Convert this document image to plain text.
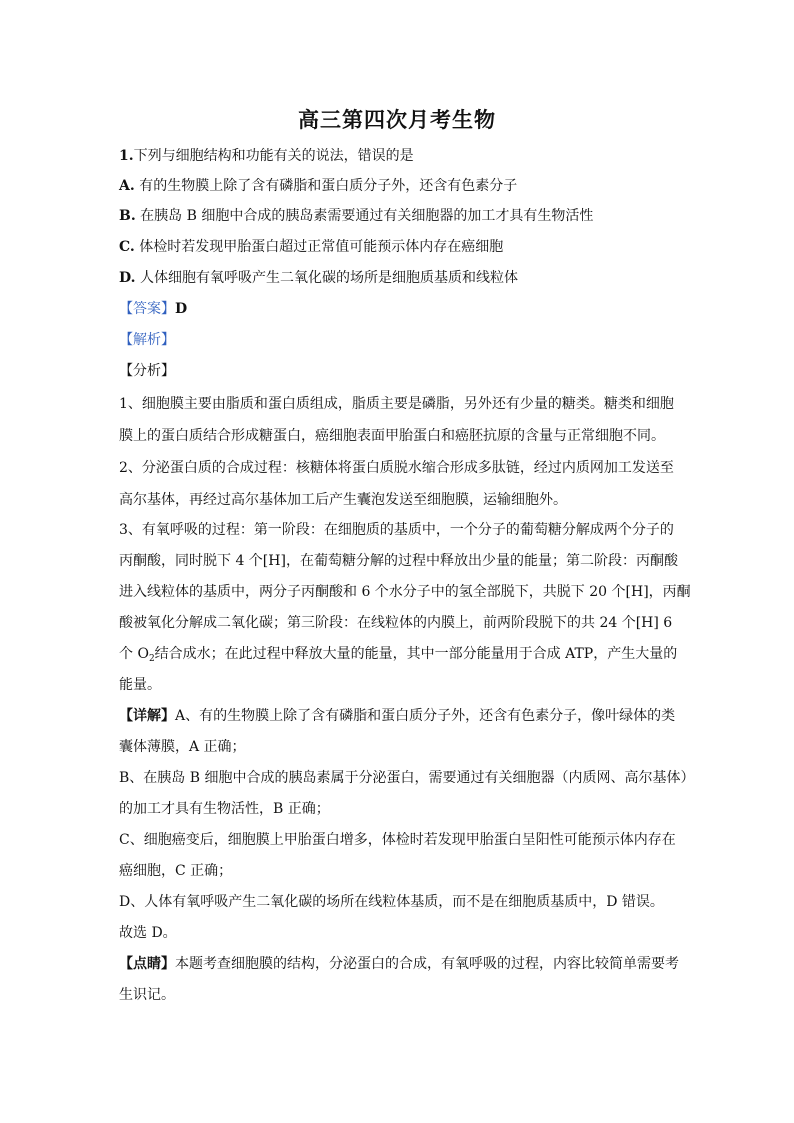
高三第四次月考生物
1.下列与细胞结构和功能有关的说法，错误的是
A. 有的生物膜上除了含有磷脂和蛋白质分子外，还含有色素分子
B. 在胰岛 B 细胞中合成的胰岛素需要通过有关细胞器的加工才具有生物活性
C. 体检时若发现甲胎蛋白超过正常值可能预示体内存在癌细胞
D. 人体细胞有氧呼吸产生二氧化碳的场所是细胞质基质和线粒体
【答案】D
【解析】
【分析】
1、细胞膜主要由脂质和蛋白质组成，脂质主要是磷脂，另外还有少量的糖类。糖类和细胞
膜上的蛋白质结合形成糖蛋白，癌细胞表面甲胎蛋白和癌胚抗原的含量与正常细胞不同。
2、分泌蛋白质的合成过程：核糖体将蛋白质脱水缩合形成多肽链，经过内质网加工发送至
高尔基体，再经过高尔基体加工后产生囊泡发送至细胞膜，运输细胞外。
3、有氧呼吸的过程：第一阶段：在细胞质的基质中，一个分子的葡萄糖分解成两个分子的
丙酮酸，同时脱下 4 个[H]，在葡萄糖分解的过程中释放出少量的能量；第二阶段：丙酮酸
进入线粒体的基质中，两分子丙酮酸和 6 个水分子中的氢全部脱下，共脱下 20 个[H]，丙酮
酸被氧化分解成二氧化碳；第三阶段：在线粒体的内膜上，前两阶段脱下的共 24 个[H] 6
个 $O_2$结合成水；在此过程中释放大量的能量，其中一部分能量用于合成 ATP，产生大量的
能量。
【详解】A、有的生物膜上除了含有磷脂和蛋白质分子外，还含有色素分子，像叶绿体的类
囊体薄膜，A 正确；
B、在胰岛 B 细胞中合成的胰岛素属于分泌蛋白，需要通过有关细胞器（内质网、高尔基体）
的加工才具有生物活性，B 正确；
C、细胞癌变后，细胞膜上甲胎蛋白增多，体检时若发现甲胎蛋白呈阳性可能预示体内存在
癌细胞，C 正确；
D、人体有氧呼吸产生二氧化碳的场所在线粒体基质，而不是在细胞质基质中，D 错误。
故选 D。
【点睛】本题考查细胞膜的结构，分泌蛋白的合成，有氧呼吸的过程，内容比较简单需要考
生识记。
